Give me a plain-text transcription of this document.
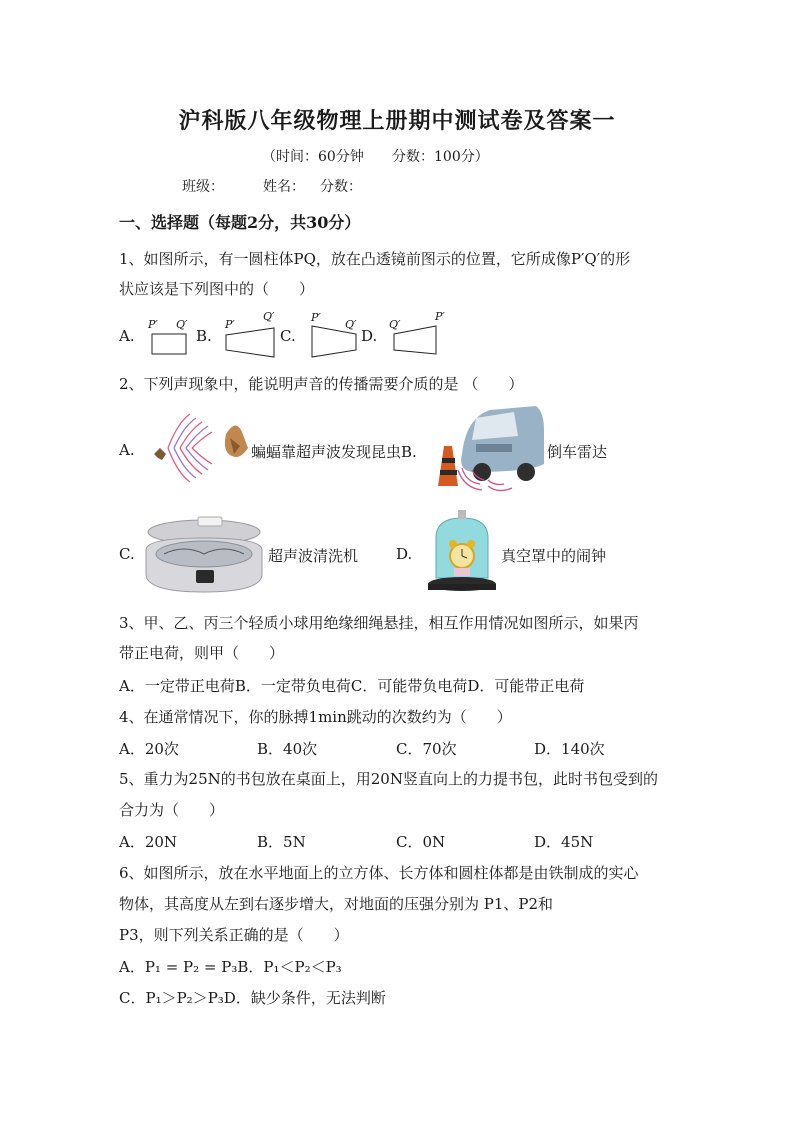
沪科版八年级物理上册期中测试卷及答案一
（时间：60分钟 分数：100分）
班级：	姓名： 分数：
一、选择题（每题2分，共30分）
1、如图所示，有一圆柱体PQ，放在凸透镜前图示的位置，它所成像P′Q′的形
状应该是下列图中的（　　）
A.	B.	C.	D.
P′ Q′	P′
Q′	P′
Q′	Q′
P′
2、下列声现象中，能说明声音的传播需要介质的是 （　　）
A.	蝙蝠靠超声波发现昆虫B.	倒车雷达
C.	超声波清洗机	D.	真空罩中的闹钟
3、甲、乙、丙三个轻质小球用绝缘细绳悬挂，相互作用情况如图所示，如果丙
带正电荷，则甲（　　）
A．一定带正电荷B．一定带负电荷C．可能带负电荷D．可能带正电荷
4、在通常情况下，你的脉搏1min跳动的次数约为（　　）
A．20次	B．40次	C．70次	D．140次
5、重力为25N的书包放在桌面上，用20N竖直向上的力提书包，此时书包受到的
合力为（　　）
A．20N	B．5N	C．0N	D．45N
6、如图所示，放在水平地面上的立方体、长方体和圆柱体都是由铁制成的实心
物体，其高度从左到右逐步增大，对地面的压强分别为 P1、P2和
P3，则下列关系正确的是（　　）
A．P₁ = P₂ = P₃B．P₁＜P₂＜P₃
C．P₁＞P₂＞P₃D．缺少条件，无法判断
